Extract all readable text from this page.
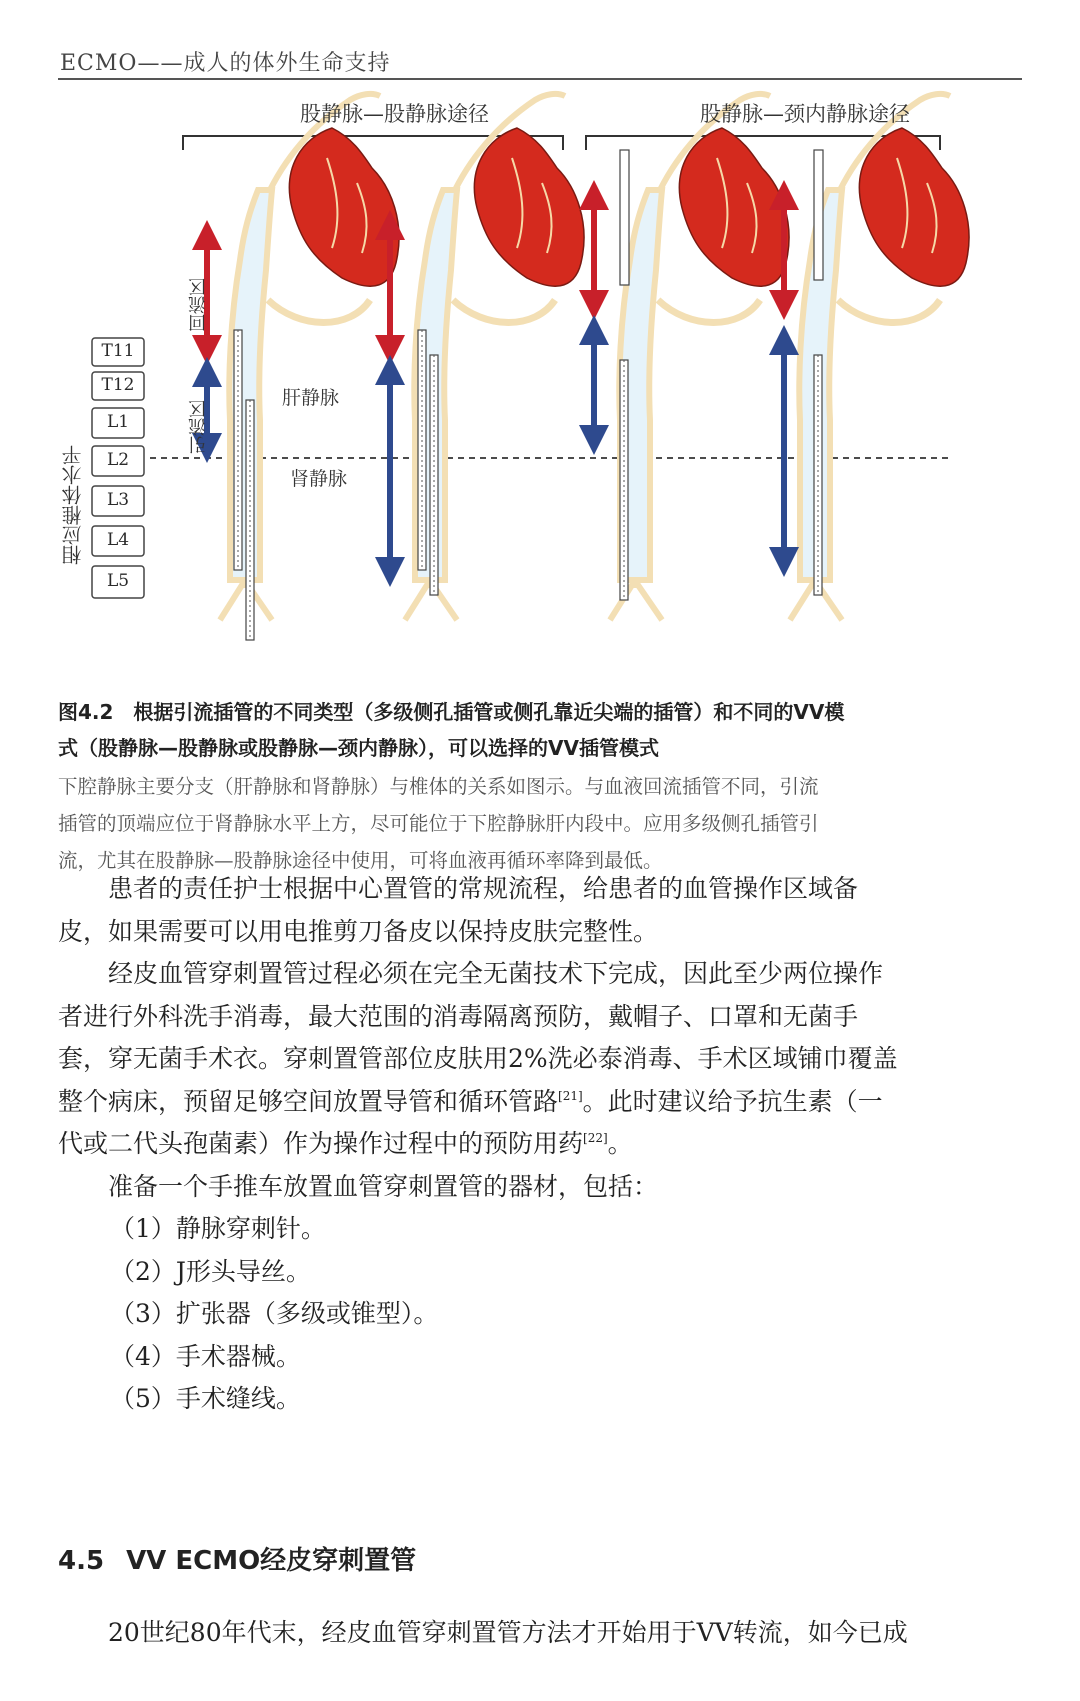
ECMO——成人的体外生命支持
股静脉—股静脉途径	股静脉—颈内静脉途径
回流区
引流区
相应椎体水平
T11
T12
L1
L2
L3
L4
L5
肝静脉
肾静脉
图4.2　根据引流插管的不同类型（多级侧孔插管或侧孔靠近尖端的插管）和不同的VV模
式（股静脉—股静脉或股静脉—颈内静脉），可以选择的VV插管模式
下腔静脉主要分支（肝静脉和肾静脉）与椎体的关系如图示。与血液回流插管不同，引流
插管的顶端应位于肾静脉水平上方，尽可能位于下腔静脉肝内段中。应用多级侧孔插管引
流，尤其在股静脉—股静脉途径中使用，可将血液再循环率降到最低。
患者的责任护士根据中心置管的常规流程，给患者的血管操作区域备
皮，如果需要可以用电推剪刀备皮以保持皮肤完整性。
经皮血管穿刺置管过程必须在完全无菌技术下完成，因此至少两位操作
者进行外科洗手消毒，最大范围的消毒隔离预防，戴帽子、口罩和无菌手
套，穿无菌手术衣。穿刺置管部位皮肤用2%洗必泰消毒、手术区域铺巾覆盖
整个病床，预留足够空间放置导管和循环管路[21]。此时建议给予抗生素（一
代或二代头孢菌素）作为操作过程中的预防用药[22]。
准备一个手推车放置血管穿刺置管的器材，包括：
（1）静脉穿刺针。
（2）J形头导丝。
（3）扩张器（多级或锥型）。
（4）手术器械。
（5）手术缝线。
4.5 VV ECMO经皮穿刺置管
20世纪80年代末，经皮血管穿刺置管方法才开始用于VV转流，如今已成
